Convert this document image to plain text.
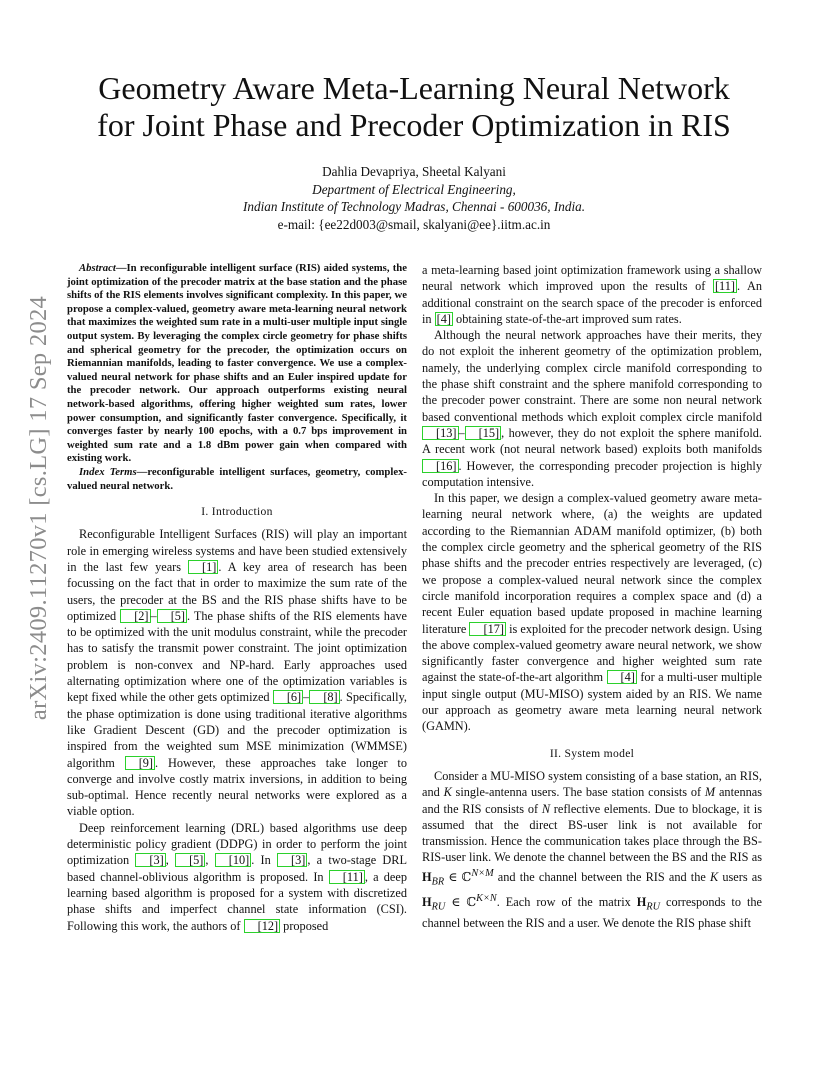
arXiv:2409.11270v1 [cs.LG] 17 Sep 2024
Geometry Aware Meta-Learning Neural Network
for Joint Phase and Precoder Optimization in RIS
Dahlia Devapriya, Sheetal Kalyani
Department of Electrical Engineering,
Indian Institute of Technology Madras, Chennai - 600036, India.
e-mail: {ee22d003@smail, skalyani@ee}.iitm.ac.in

Abstract—In reconfigurable intelligent surface (RIS) aided systems, the joint optimization of the precoder matrix at the base station and the phase shifts of the RIS elements involves significant complexity. In this paper, we propose a complex-valued, geometry aware meta-learning neural network that maximizes the weighted sum rate in a multi-user multiple input single output system. By leveraging the complex circle geometry for phase shifts and spherical geometry for the precoder, the optimization occurs on Riemannian manifolds, leading to faster convergence. We use a complex-valued neural network for phase shifts and an Euler inspired update for the precoder network. Our approach outperforms existing neural network-based algorithms, offering higher weighted sum rates, lower power consumption, and significantly faster convergence. Specifically, it converges faster by nearly 100 epochs, with a 0.7 bps improvement in weighted sum rate and a 1.8 dBm power gain when compared with existing work.

Index Terms—reconfigurable intelligent surfaces, geometry, complex-valued neural network.

I. Introduction

Reconfigurable Intelligent Surfaces (RIS) will play an important role in emerging wireless systems and have been studied extensively in the last few years [1] . A key area of research has been focussing on the fact that in order to maximize the sum rate of the users, the precoder at the BS and the RIS phase shifts have to be optimized [2] – [5] . The phase shifts of the RIS elements have to be optimized with the unit modulus constraint, while the precoder has to satisfy the transmit power constraint. The joint optimization problem is non-convex and NP-hard. Early approaches used alternating optimization where one of the optimization variables is kept fixed while the other gets optimized [6] – [8] . Specifically, the phase optimization is done using traditional iterative algorithms like Gradient Descent (GD) and the precoder optimization is inspired from the weighted sum MSE minimization (WMMSE) algorithm [9] . However, these approaches take longer to converge and involve costly matrix inversions, in addition to being sub-optimal. Hence recently neural networks were explored as a viable option.

Deep reinforcement learning (DRL) based algorithms use deep deterministic policy gradient (DDPG) in order to perform the joint optimization [3] , [5] , [10] . In [3] , a two-stage DRL based channel-oblivious algorithm is proposed. In [11] , a deep learning based algorithm is proposed for a system with discretized phase shifts and imperfect channel state information (CSI). Following this work, the authors of [12] proposed

a meta-learning based joint optimization framework using a shallow neural network which improved upon the results of [11] . An additional constraint on the search space of the precoder is enforced in [4] obtaining state-of-the-art improved sum rates.

Although the neural network approaches have their merits, they do not exploit the inherent geometry of the optimization problem, namely, the underlying complex circle manifold corresponding to the phase shift constraint and the sphere manifold corresponding to the precoder power constraint. There are some non neural network based conventional methods which exploit complex circle manifold [13] – [15] , however, they do not exploit the sphere manifold. A recent work (not neural network based) exploits both manifolds [16] . However, the corresponding precoder projection is highly computation intensive.

In this paper, we design a complex-valued geometry aware meta-learning neural network where, (a) the weights are updated according to the Riemannian ADAM manifold optimizer, (b) both the complex circle geometry and the spherical geometry of the RIS phase shifts and the precoder entries respectively are leveraged, (c) we propose a complex-valued neural network since the complex circle manifold incorporation requires a complex space and (d) a recent Euler equation based update proposed in machine learning literature [17] is exploited for the precoder network design. Using the above complex-valued geometry aware neural network, we show significantly faster convergence and higher weighted sum rate against the state-of-the-art algorithm [4] for a multi-user multiple input single output (MU-MISO) system aided by an RIS. We name our approach as geometry aware meta learning neural network (GAMN).

II. System model

Consider a MU-MISO system consisting of a base station, an RIS, and K single-antenna users. The base station consists of M antennas and the RIS consists of N reflective elements. Due to blockage, it is assumed that the direct BS-user link is not available for transmission. Hence the communication takes place through the BS-RIS-user link. We denote the channel between the BS and the RIS as $H_{BR}$ ∈ ℂ$^{N\times M}$ and the channel between the RIS and the K users as $H_{RU}$ ∈ ℂ$^{K\times N}$. Each row of the matrix $H_{RU}$ corresponds to the channel between the RIS and a user. We denote the RIS phase shift
